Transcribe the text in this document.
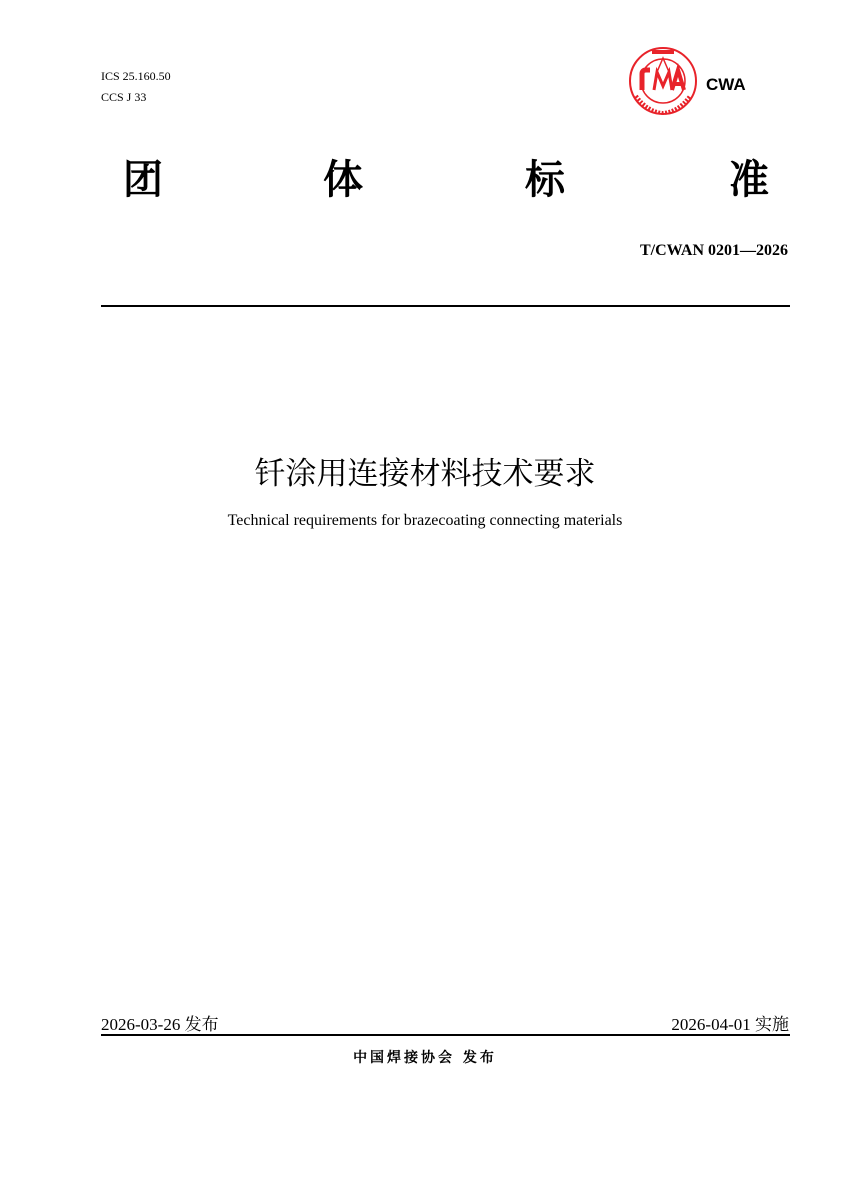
ICS 25.160.50
CCS J 33
CWA
团	体	标	准
T/CWAN 0201—2026
钎涂用连接材料技术要求
Technical requirements for brazecoating connecting materials
2026-03-26 发布	2026-04-01 实施
中国焊接协会 发布
